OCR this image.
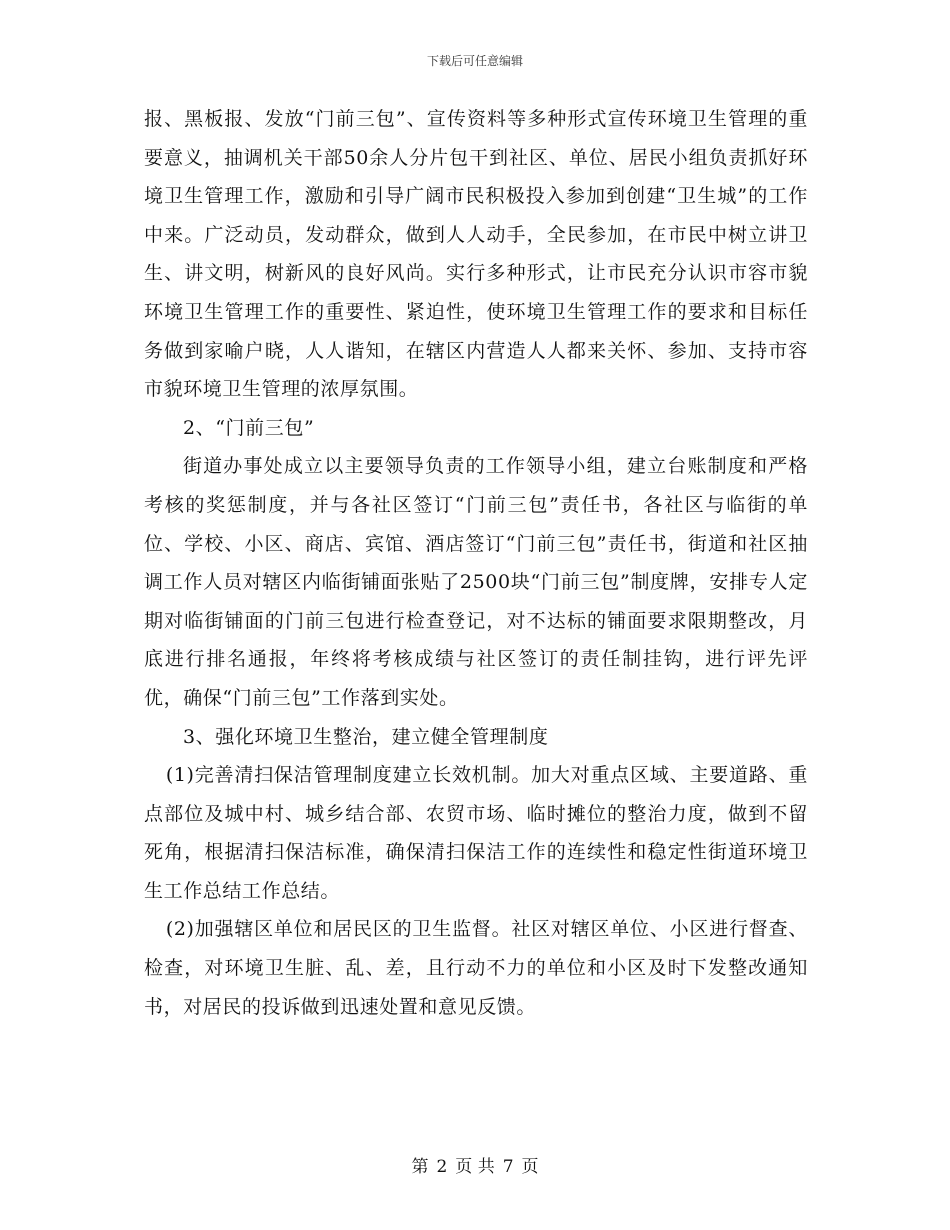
下载后可任意编辑

报、黑板报、发放“门前三包”、宣传资料等多种形式宣传环境卫生管理的重要意义，抽调机关干部50余人分片包干到社区、单位、居民小组负责抓好环境卫生管理工作，激励和引导广阔市民积极投入参加到创建“卫生城”的工作中来。广泛动员，发动群众，做到人人动手，全民参加，在市民中树立讲卫生、讲文明，树新风的良好风尚。实行多种形式，让市民充分认识市容市貌环境卫生管理工作的重要性、紧迫性，使环境卫生管理工作的要求和目标任务做到家喻户晓，人人谐知，在辖区内营造人人都来关怀、参加、支持市容市貌环境卫生管理的浓厚氛围。

2、“门前三包”

街道办事处成立以主要领导负责的工作领导小组，建立台账制度和严格考核的奖惩制度，并与各社区签订“门前三包”责任书，各社区与临街的单位、学校、小区、商店、宾馆、酒店签订“门前三包”责任书，街道和社区抽调工作人员对辖区内临街铺面张贴了2500块“门前三包”制度牌，安排专人定期对临街铺面的门前三包进行检查登记，对不达标的铺面要求限期整改，月底进行排名通报，年终将考核成绩与社区签订的责任制挂钩，进行评先评优，确保“门前三包”工作落到实处。

3、强化环境卫生整治，建立健全管理制度

(1)完善清扫保洁管理制度建立长效机制。加大对重点区域、主要道路、重点部位及城中村、城乡结合部、农贸市场、临时摊位的整治力度，做到不留死角，根据清扫保洁标准，确保清扫保洁工作的连续性和稳定性街道环境卫生工作总结工作总结。

(2)加强辖区单位和居民区的卫生监督。社区对辖区单位、小区进行督查、检查，对环境卫生脏、乱、差，且行动不力的单位和小区及时下发整改通知书，对居民的投诉做到迅速处置和意见反馈。

第 2 页 共 7 页
